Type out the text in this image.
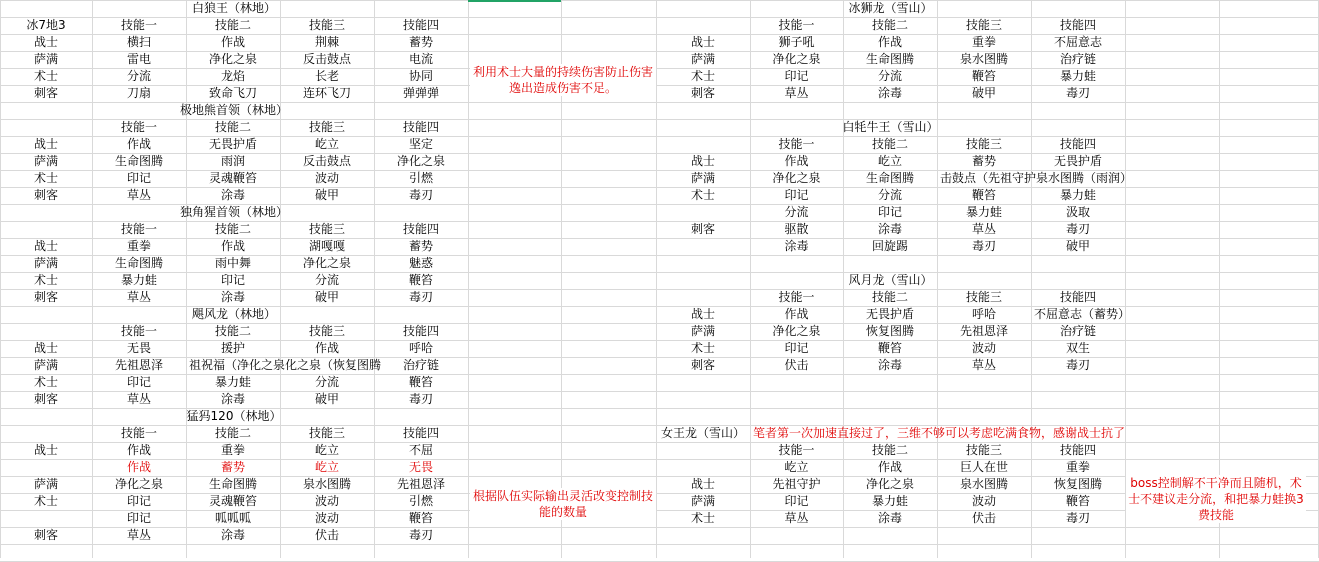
白狼王（林地）
冰7地3	技能一	技能二	技能三	技能四
战士	横扫	作战	荆棘	蓄势
萨满	雷电	净化之泉	反击鼓点	电流
术士	分流	龙焰	长老	协同
刺客	刀扇	致命飞刀	连环飞刀	弹弹弹
极地熊首领（林地）
技能一	技能二	技能三	技能四
战士	作战	无畏护盾	屹立	坚定
萨满	生命图腾	雨润	反击鼓点	净化之泉
术士	印记	灵魂鞭笞	波动	引燃
刺客	草丛	涂毒	破甲	毒刃
独角猩首领（林地）
技能一	技能二	技能三	技能四
战士	重拳	作战	湖嘎嘎	蓄势
萨满	生命图腾	雨中舞	净化之泉	魅惑
术士	暴力蛙	印记	分流	鞭笞
刺客	草丛	涂毒	破甲	毒刃
飓风龙（林地）
技能一	技能二	技能三	技能四
战士	无畏	援护	作战	呼哈
萨满	先祖恩泽	祖祝福（净化之泉化之泉（恢复图腾	治疗链
术士	印记	暴力蛙	分流	鞭笞
刺客	草丛	涂毒	破甲	毒刃
猛犸120（林地）
技能一	技能二	技能三	技能四
战士	作战	重拳	屹立	不屈
作战	蓄势	屹立	无畏
萨满	净化之泉	生命图腾	泉水图腾	先祖恩泽
术士	印记	灵魂鞭笞	波动	引燃
印记	呱呱呱	波动	鞭笞
刺客	草丛	涂毒	伏击	毒刃
冰狮龙（雪山）
技能一	技能二	技能三	技能四
战士	狮子吼	作战	重拳	不屈意志
萨满	净化之泉	生命图腾	泉水图腾	治疗链
术士	印记	分流	鞭笞	暴力蛙
刺客	草丛	涂毒	破甲	毒刃
白牦牛王（雪山）
技能一	技能二	技能三	技能四
战士	作战	屹立	蓄势	无畏护盾
萨满	净化之泉	生命图腾	击鼓点（先祖守护泉水图腾（雨润）
术士	印记	分流	鞭笞	暴力蛙
分流	印记	暴力蛙	汲取
刺客	驱散	涂毒	草丛	毒刃
涂毒	回旋踢	毒刃	破甲
风月龙（雪山）
技能一	技能二	技能三	技能四
战士	作战	无畏护盾	呼哈	不屈意志（蓄势）
萨满	净化之泉	恢复图腾	先祖恩泽	治疗链
术士	印记	鞭笞	波动	双生
刺客	伏击	涂毒	草丛	毒刃
女王龙（雪山） 笔者第一次加速直接过了，三维不够可以考虑吃满食物，感谢战士抗了
技能一	技能二	技能三	技能四
屹立	作战	巨人在世	重拳
战士	先祖守护	净化之泉	泉水图腾	恢复图腾
萨满	印记	暴力蛙	波动	鞭笞
术士	草丛	涂毒	伏击	毒刃
利用术士大量的持续伤害防止伤害逸出造成伤害不足。
根据队伍实际输出灵活改变控制技能的数量
boss控制解不干净而且随机，术士不建议走分流，和把暴力蛙换3费技能
